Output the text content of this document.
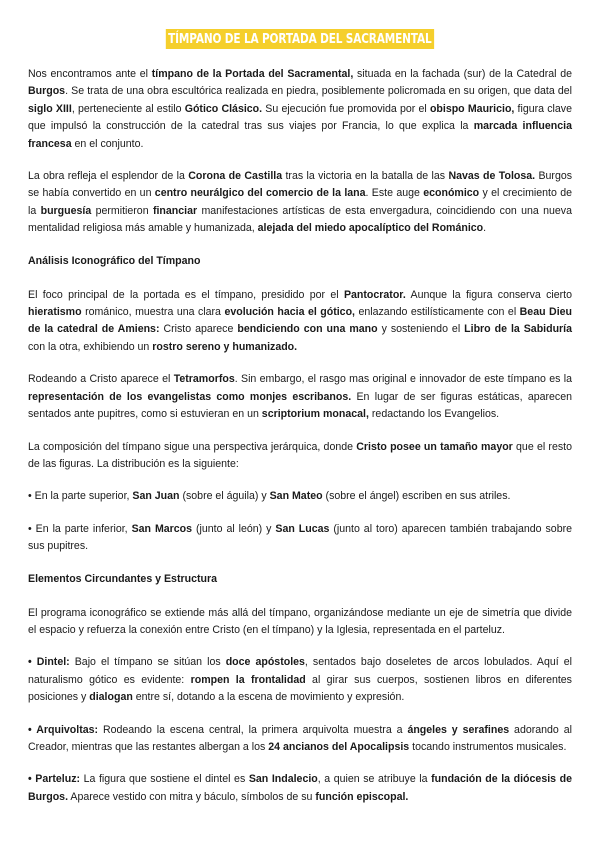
TÍMPANO DE LA PORTADA DEL SACRAMENTAL

Nos encontramos ante el tímpano de la Portada del Sacramental, situada en la fachada (sur) de la Catedral de Burgos. Se trata de una obra escultórica realizada en piedra, posiblemente policromada en su origen, que data del siglo XIII, perteneciente al estilo Gótico Clásico. Su ejecución fue promovida por el obispo Mauricio, figura clave que impulsó la construcción de la catedral tras sus viajes por Francia, lo que explica la marcada influencia francesa en el conjunto.

La obra refleja el esplendor de la Corona de Castilla tras la victoria en la batalla de las Navas de Tolosa. Burgos se había convertido en un centro neurálgico del comercio de la lana. Este auge económico y el crecimiento de la burguesía permitieron financiar manifestaciones artísticas de esta envergadura, coincidiendo con una nueva mentalidad religiosa más amable y humanizada, alejada del miedo apocalíptico del Románico.

Análisis Iconográfico del Tímpano

El foco principal de la portada es el tímpano, presidido por el Pantocrator. Aunque la figura conserva cierto hieratismo románico, muestra una clara evolución hacia el gótico, enlazando estilísticamente con el Beau Dieu de la catedral de Amiens: Cristo aparece bendiciendo con una mano y sosteniendo el Libro de la Sabiduría con la otra, exhibiendo un rostro sereno y humanizado.

Rodeando a Cristo aparece el Tetramorfos. Sin embargo, el rasgo mas original e innovador de este tímpano es la representación de los evangelistas como monjes escribanos. En lugar de ser figuras estáticas, aparecen sentados ante pupitres, como si estuvieran en un scriptorium monacal, redactando los Evangelios.

La composición del tímpano sigue una perspectiva jerárquica, donde Cristo posee un tamaño mayor que el resto de las figuras. La distribución es la siguiente:

• En la parte superior, San Juan (sobre el águila) y San Mateo (sobre el ángel) escriben en sus atriles.

• En la parte inferior, San Marcos (junto al león) y San Lucas (junto al toro) aparecen también trabajando sobre sus pupitres.

Elementos Circundantes y Estructura

El programa iconográfico se extiende más allá del tímpano, organizándose mediante un eje de simetría que divide el espacio y refuerza la conexión entre Cristo (en el tímpano) y la Iglesia, representada en el parteluz.

• Dintel: Bajo el tímpano se sitúan los doce apóstoles, sentados bajo doseletes de arcos lobulados. Aquí el naturalismo gótico es evidente: rompen la frontalidad al girar sus cuerpos, sostienen libros en diferentes posiciones y dialogan entre sí, dotando a la escena de movimiento y expresión.

• Arquivoltas: Rodeando la escena central, la primera arquivolta muestra a ángeles y serafines adorando al Creador, mientras que las restantes albergan a los 24 ancianos del Apocalipsis tocando instrumentos musicales.

• Parteluz: La figura que sostiene el dintel es San Indalecio, a quien se atribuye la fundación de la diócesis de Burgos. Aparece vestido con mitra y báculo, símbolos de su función episcopal.
